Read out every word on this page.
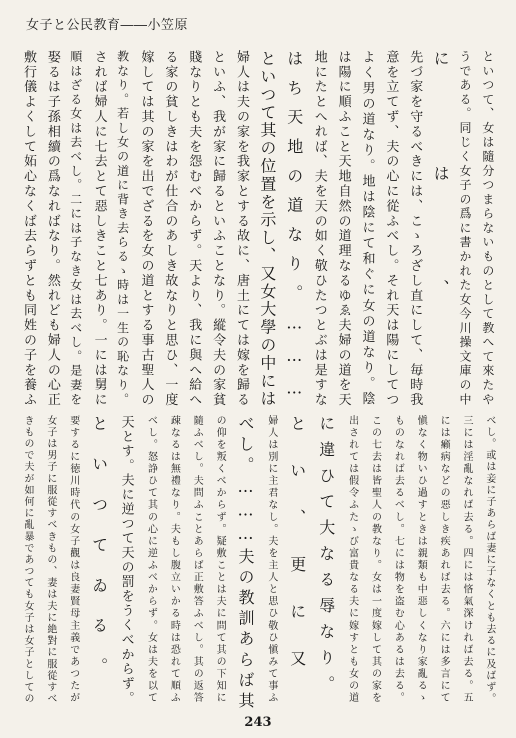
女子と公民教育――小笠原
といつて、女は隨分つまらないものとして教へて來たや
うである。同じく女子の爲に書かれた女今川操文庫の中
には、
先づ家を守るべきには、こゝろざし直にして、毎時我
意を立てず、夫の心に從ふべし。それ天は陽にしてつ
よく男の道なり。地は陰にて和ぐに女の道なり。陰
は陽に順ふこと天地自然の道理なるゆゑ夫婦の道を天
地にたとへれば、夫を天の如く敬ひたつとぶは是すな
はち天地の道なり。………
といつて其の位置を示し、又女大學の中には
婦人は夫の家を我家とする故に、唐土にては嫁を歸る
といふ、我が家に歸るといふことなり。縱令夫の家貧
賤なりとも夫を怨むべからず。天より、我に與へ給へ
る家の貧しきはわが仕合のあしき故なりと思ひ、一度
嫁しては其の家を出でざるを女の道とする事古聖人の
教なり。若し女の道に背き去らるゝ時は一生の恥なり。
されば婦人に七去とて惡しきこと七あり。一には舅に
順はざる女は去べし。二には子なき女は去べし。是妻を
娶るは子孫相續の爲なればなり。然れども婦人の心正
敷行儀よくして妬心なくば去らずとも同姓の子を養ふ
べし。或は妾に子あらば妻に子なくとも去るに及ばず。
三には淫亂なれば去る。四には悋氣深ければ去る。五
には癩病などの惡しき疾あれば去る。六には多言にて
愼なく物いひ過すときは親類も中惡しくなり家亂るゝ
ものなれば去るべし。七には物を盗む心あるは去る。
この七去は皆聖人の教なり。女は一度嫁して其の家を
出されては假令ふたゝび富貴なる夫に嫁すとも女の道
に違ひて大なる辱なり。
とい、更に又
婦人は別に主君なし。夫を主人と思ひ敬ひ愼みて事ふ
べし。………夫の教訓あらば其
の仰を叛くべからず。疑敷ことは夫に問て其の下知に
隨ふべし。夫問ふことあらば正敷答ふべし。其の返答
疎なるは無禮なり。夫もし腹立いかる時は恐れて順ふ
べし。怒諍ひて其の心に逆ふべからず。女は夫を以て
天とす。夫に逆つて天の罰をうくべからず。
といつてゐる。
要するに徳川時代の女子觀は良妻賢母主義であつたが
女子は男子に服從すべきもの、妻は夫に絶對に服從すべ
きもので夫が如何に亂暴であつても女子は女子としての
243
